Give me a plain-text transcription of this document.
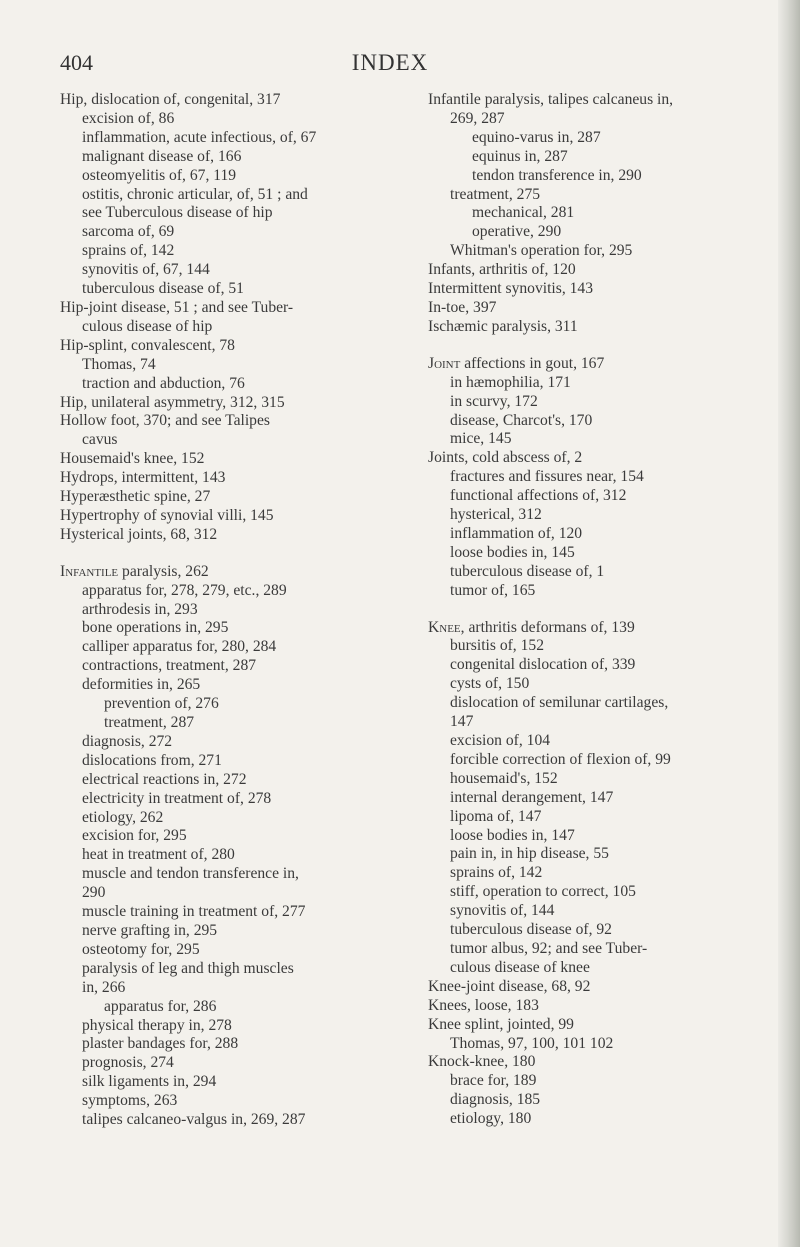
404	INDEX
Hip, dislocation of, congenital, 317
excision of, 86
inflammation, acute infectious, of, 67
malignant disease of, 166
osteomyelitis of, 67, 119
ostitis, chronic articular, of, 51 ; and
see Tuberculous disease of hip
sarcoma of, 69
sprains of, 142
synovitis of, 67, 144
tuberculous disease of, 51
Hip-joint disease, 51 ; and see Tuber-
culous disease of hip
Hip-splint, convalescent, 78
Thomas, 74
traction and abduction, 76
Hip, unilateral asymmetry, 312, 315
Hollow foot, 370; and see Talipes
cavus
Housemaid's knee, 152
Hydrops, intermittent, 143
Hyperæsthetic spine, 27
Hypertrophy of synovial villi, 145
Hysterical joints, 68, 312
Infantile paralysis, 262
apparatus for, 278, 279, etc., 289
arthrodesis in, 293
bone operations in, 295
calliper apparatus for, 280, 284
contractions, treatment, 287
deformities in, 265
prevention of, 276
treatment, 287
diagnosis, 272
dislocations from, 271
electrical reactions in, 272
electricity in treatment of, 278
etiology, 262
excision for, 295
heat in treatment of, 280
muscle and tendon transference in,
290
muscle training in treatment of, 277
nerve grafting in, 295
osteotomy for, 295
paralysis of leg and thigh muscles
in, 266
apparatus for, 286
physical therapy in, 278
plaster bandages for, 288
prognosis, 274
silk ligaments in, 294
symptoms, 263
talipes calcaneo-valgus in, 269, 287
Infantile paralysis, talipes calcaneus in,
269, 287
equino-varus in, 287
equinus in, 287
tendon transference in, 290
treatment, 275
mechanical, 281
operative, 290
Whitman's operation for, 295
Infants, arthritis of, 120
Intermittent synovitis, 143
In-toe, 397
Ischæmic paralysis, 311
Joint affections in gout, 167
in hæmophilia, 171
in scurvy, 172
disease, Charcot's, 170
mice, 145
Joints, cold abscess of, 2
fractures and fissures near, 154
functional affections of, 312
hysterical, 312
inflammation of, 120
loose bodies in, 145
tuberculous disease of, 1
tumor of, 165
Knee, arthritis deformans of, 139
bursitis of, 152
congenital dislocation of, 339
cysts of, 150
dislocation of semilunar cartilages,
147
excision of, 104
forcible correction of flexion of, 99
housemaid's, 152
internal derangement, 147
lipoma of, 147
loose bodies in, 147
pain in, in hip disease, 55
sprains of, 142
stiff, operation to correct, 105
synovitis of, 144
tuberculous disease of, 92
tumor albus, 92; and see Tuber-
culous disease of knee
Knee-joint disease, 68, 92
Knees, loose, 183
Knee splint, jointed, 99
Thomas, 97, 100, 101 102
Knock-knee, 180
brace for, 189
diagnosis, 185
etiology, 180
